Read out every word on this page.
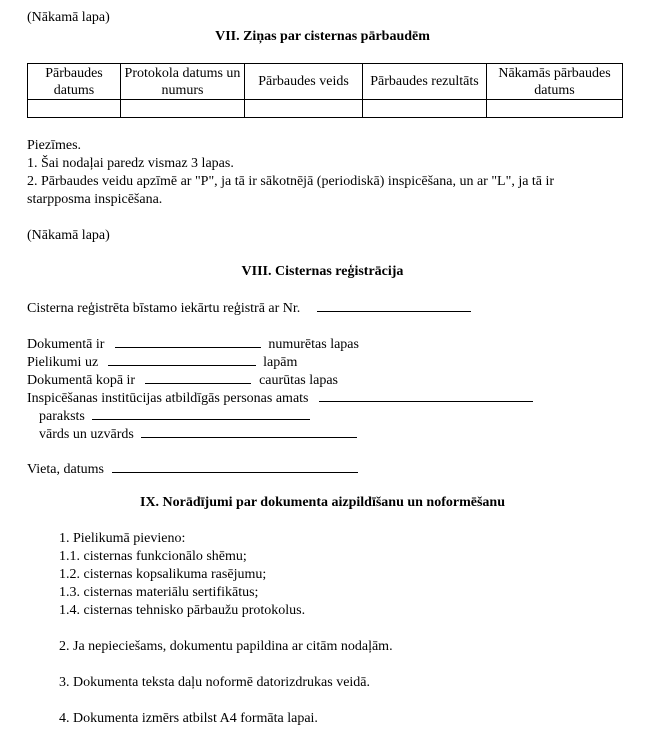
(Nākamā lapa)
VII. Ziņas par cisternas pārbaudēm
Pārbaudes datums	Protokola datums un numurs	Pārbaudes veids	Pārbaudes rezultāts	Nākamās pārbaudes datums

Piezīmes.
1. Šai nodaļai paredz vismaz 3 lapas.
2. Pārbaudes veidu apzīmē ar "P", ja tā ir sākotnējā (periodiskā) inspicēšana, un ar "L", ja tā ir
starpposma inspicēšana.
(Nākamā lapa)
VIII. Cisternas reģistrācija
Cisterna reģistrēta bīstamo iekārtu reģistrā ar Nr.
Dokumentā ir	numurētas lapas
Pielikumi uz	lapām
Dokumentā kopā ir	caurūtas lapas
Inspicēšanas institūcijas atbildīgās personas amats
paraksts
vārds un uzvārds
Vieta, datums
IX. Norādījumi par dokumenta aizpildīšanu un noformēšanu
1. Pielikumā pievieno:
1.1. cisternas funkcionālo shēmu;
1.2. cisternas kopsalikuma rasējumu;
1.3. cisternas materiālu sertifikātus;
1.4. cisternas tehnisko pārbaužu protokolus.
2. Ja nepieciešams, dokumentu papildina ar citām nodaļām.
3. Dokumenta teksta daļu noformē datorizdrukas veidā.
4. Dokumenta izmērs atbilst A4 formāta lapai.
